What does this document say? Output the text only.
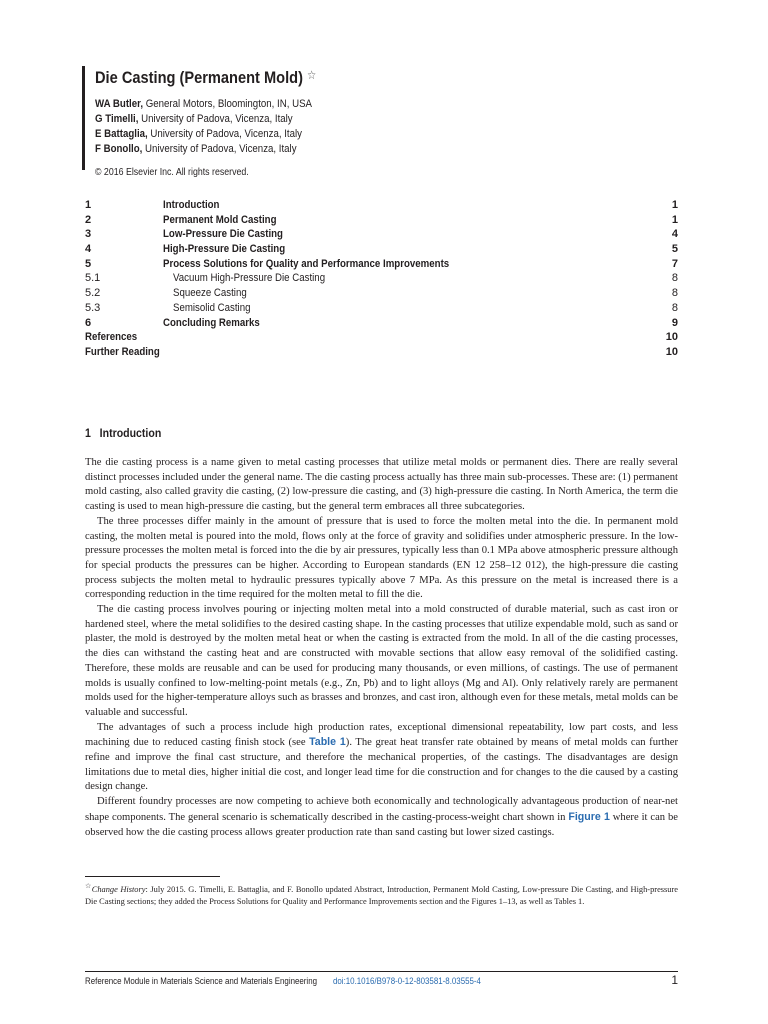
Die Casting (Permanent Mold) ☆
WA Butler, General Motors, Bloomington, IN, USA
G Timelli, University of Padova, Vicenza, Italy
E Battaglia, University of Padova, Vicenza, Italy
F Bonollo, University of Padova, Vicenza, Italy
© 2016 Elsevier Inc. All rights reserved.
1	Introduction	1
2	Permanent Mold Casting	1
3	Low-Pressure Die Casting	4
4	High-Pressure Die Casting	5
5	Process Solutions for Quality and Performance Improvements	7
5.1	Vacuum High-Pressure Die Casting	8
5.2	Squeeze Casting	8
5.3	Semisolid Casting	8
6	Concluding Remarks	9
References	10
Further Reading	10
1 Introduction

The die casting process is a name given to metal casting processes that utilize metal molds or permanent dies. There are really several distinct processes included under the general name. The die casting process actually has three main sub-processes. These are: (1) permanent mold casting, also called gravity die casting, (2) low-pressure die casting, and (3) high-pressure die casting. In North America, the term die casting is used to mean high-pressure die casting, but the general term embraces all three subcategories.

The three processes differ mainly in the amount of pressure that is used to force the molten metal into the die. In permanent mold casting, the molten metal is poured into the mold, flows only at the force of gravity and solidifies under atmospheric pressure. In the low-pressure processes the molten metal is forced into the die by air pressures, typically less than 0.1 MPa above atmospheric pressure although for special products the pressures can be higher. According to European standards (EN 12 258–12 012), the high-pressure die casting process subjects the molten metal to hydraulic pressures typically above 7 MPa. As this pressure on the metal is increased there is a corresponding reduction in the time required for the molten metal to fill the die.

The die casting process involves pouring or injecting molten metal into a mold constructed of durable material, such as cast iron or hardened steel, where the metal solidifies to the desired casting shape. In the casting processes that utilize expendable mold, such as sand or plaster, the mold is destroyed by the molten metal heat or when the casting is extracted from the mold. In all of the die casting processes, the dies can withstand the casting heat and are constructed with movable sections that allow easy removal of the solidified casting. Therefore, these molds are reusable and can be used for producing many thousands, or even millions, of castings. The use of permanent molds is usually confined to low-melting-point metals (e.g., Zn, Pb) and to light alloys (Mg and Al). Only relatively rarely are permanent molds used for the higher-temperature alloys such as brasses and bronzes, and cast iron, although even for these metals, metal molds can be valuable and successful.

The advantages of such a process include high production rates, exceptional dimensional repeatability, low part costs, and less machining due to reduced casting finish stock (see Table 1). The great heat transfer rate obtained by means of metal molds can further refine and improve the final cast structure, and therefore the mechanical properties, of the castings. The disadvantages are design limitations due to metal dies, higher initial die cost, and longer lead time for die construction and for changes to the die caused by a casting design change.

Different foundry processes are now competing to achieve both economically and technologically advantageous production of near-net shape components. The general scenario is schematically described in the casting-process-weight chart shown in Figure 1 where it can be observed how the die casting process allows greater production rate than sand casting but lower sized castings.

☆Change History: July 2015. G. Timelli, E. Battaglia, and F. Bonollo updated Abstract, Introduction, Permanent Mold Casting, Low-pressure Die Casting, and High-pressure Die Casting sections; they added the Process Solutions for Quality and Performance Improvements section and the Figures 1–13, as well as Tables 1.
Reference Module in Materials Science and Materials Engineering doi:10.1016/B978-0-12-803581-8.03555-4	1
